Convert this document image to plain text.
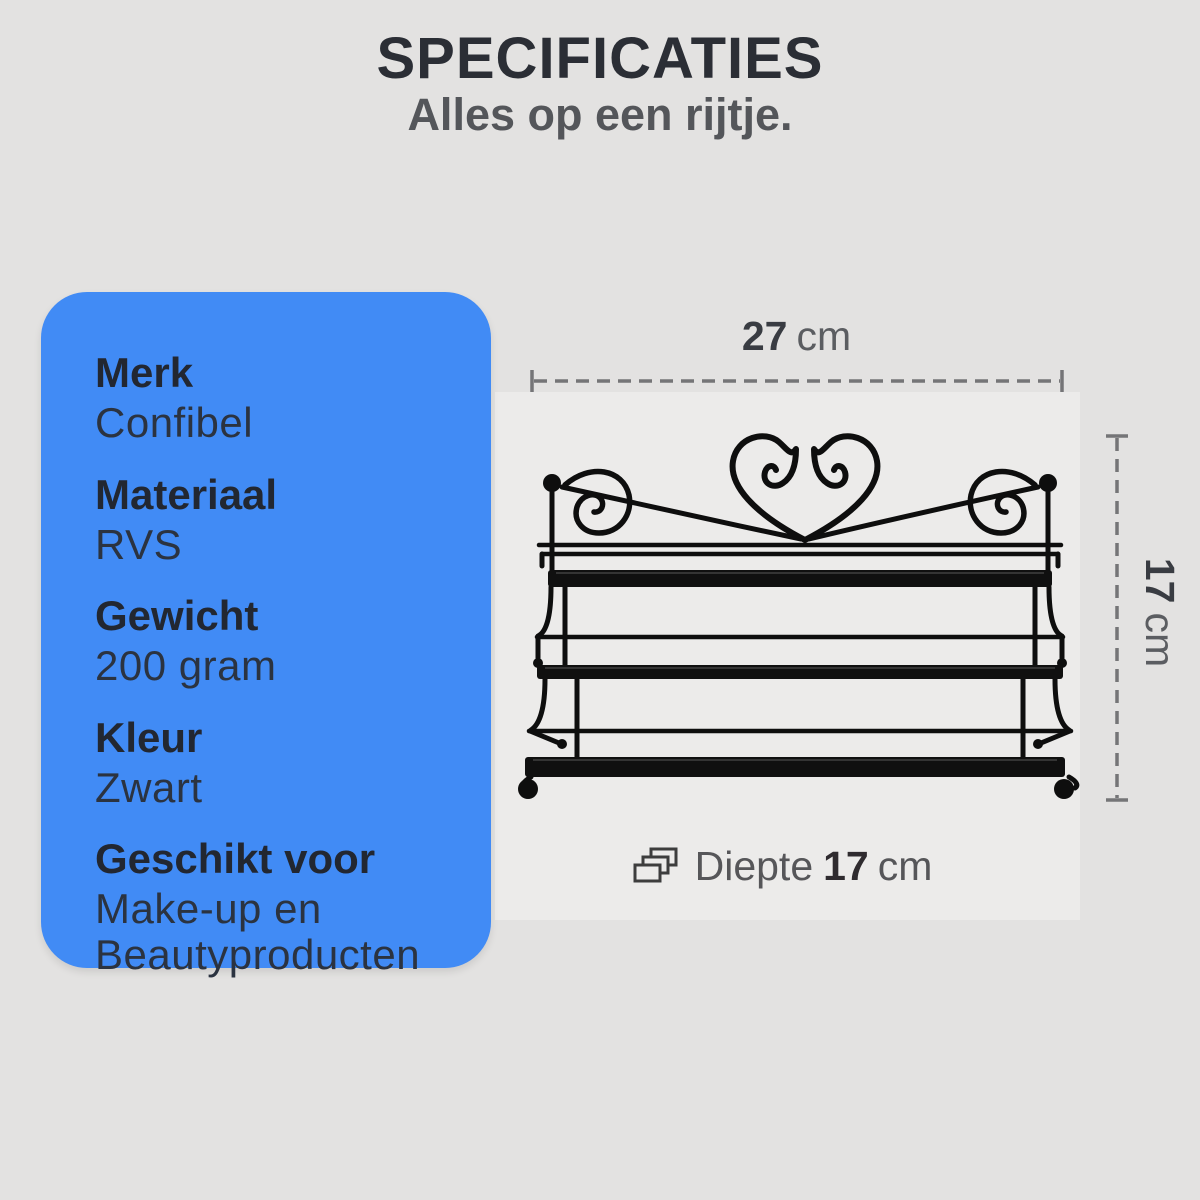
SPECIFICATIES
Alles op een rijtje.
Merk
Confibel
Materiaal
RVS
Gewicht
200 gram
Kleur
Zwart
Geschikt voor
Make-up en Beautyproducten
27 cm
17cm
Diepte 17 cm
